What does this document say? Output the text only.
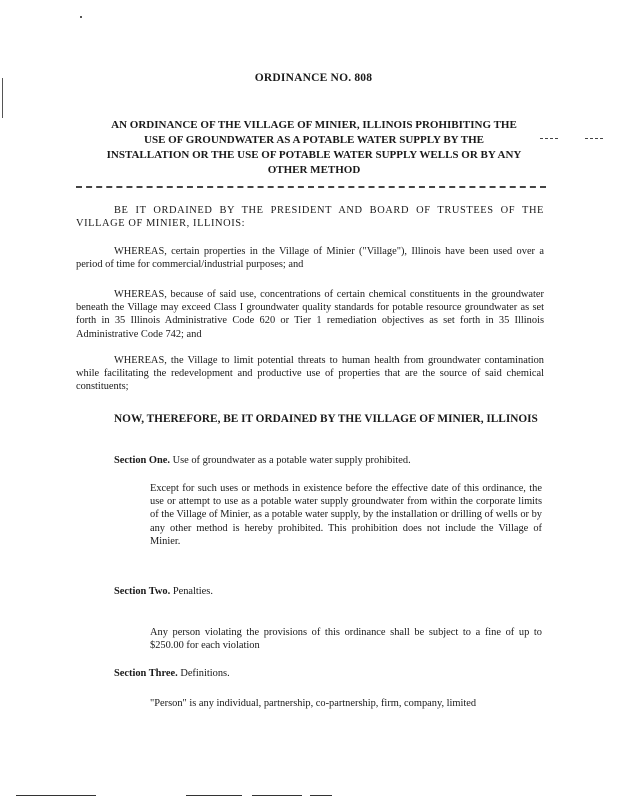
ORDINANCE NO. 808
AN ORDINANCE OF THE VILLAGE OF MINIER, ILLINOIS PROHIBITING THE
USE OF GROUNDWATER AS A POTABLE WATER SUPPLY BY THE
INSTALLATION OR THE USE OF POTABLE WATER SUPPLY WELLS OR BY ANY
OTHER METHOD
BE IT ORDAINED BY THE PRESIDENT AND BOARD OF TRUSTEES OF THE VILLAGE OF MINIER, ILLINOIS:
WHEREAS, certain properties in the Village of Minier ("Village"), Illinois have been used over a period of time for commercial/industrial purposes; and
WHEREAS, because of said use, concentrations of certain chemical constituents in the groundwater beneath the Village may exceed Class I groundwater quality standards for potable resource groundwater as set forth in 35 Illinois Administrative Code 620 or Tier 1 remediation objectives as set forth in 35 Illinois Administrative Code 742; and
WHEREAS, the Village to limit potential threats to human health from groundwater contamination while facilitating the redevelopment and productive use of properties that are the source of said chemical constituents;
NOW, THEREFORE, BE IT ORDAINED BY THE VILLAGE OF MINIER, ILLINOIS
Section One. Use of groundwater as a potable water supply prohibited.
Except for such uses or methods in existence before the effective date of this ordinance, the use or attempt to use as a potable water supply groundwater from within the corporate limits of the Village of Minier, as a potable water supply, by the installation or drilling of wells or by any other method is hereby prohibited. This prohibition does not include the Village of Minier.
Section Two. Penalties.
Any person violating the provisions of this ordinance shall be subject to a fine of up to $250.00 for each violation
Section Three. Definitions.
"Person" is any individual, partnership, co-partnership, firm, company, limited
